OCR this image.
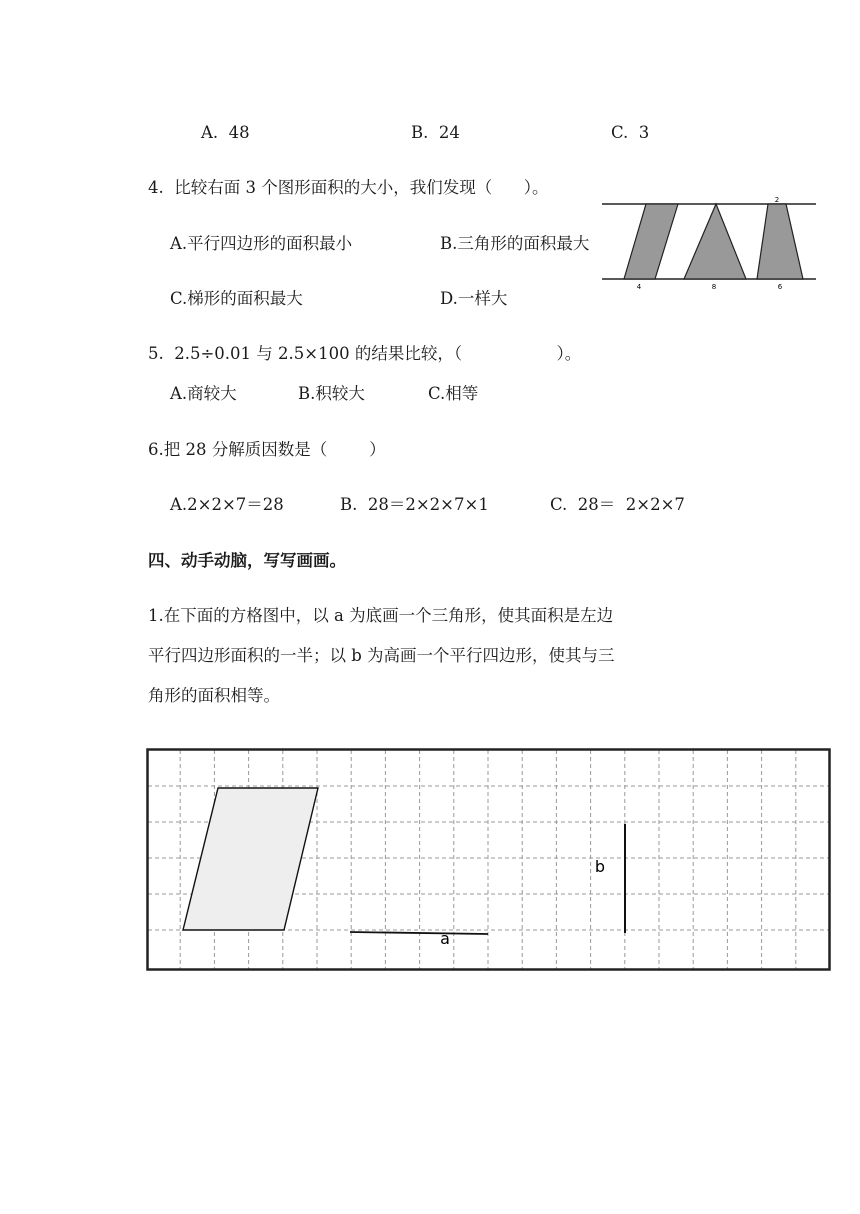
A.  48	B.  24	C.  3
4.  比较右面 3 个图形面积的大小，我们发现（      ）。
A.平行四边形的面积最小	B.三角形的面积最大
C.梯形的面积最大	D.一样大
2
4	8	6
5.  2.5÷0.01 与 2.5×100 的结果比较，（                  ）。
A.商较大	B.积较大	C.相等
6.把 28 分解质因数是（        ）
A.2×2×7＝28	B.  28＝2×2×7×1	C.  28＝  2×2×7
四、动手动脑，写写画画。
1.在下面的方格图中，以 a 为底画一个三角形，使其面积是左边
平行四边形面积的一半；以 b 为高画一个平行四边形，使其与三
角形的面积相等。
a
b
